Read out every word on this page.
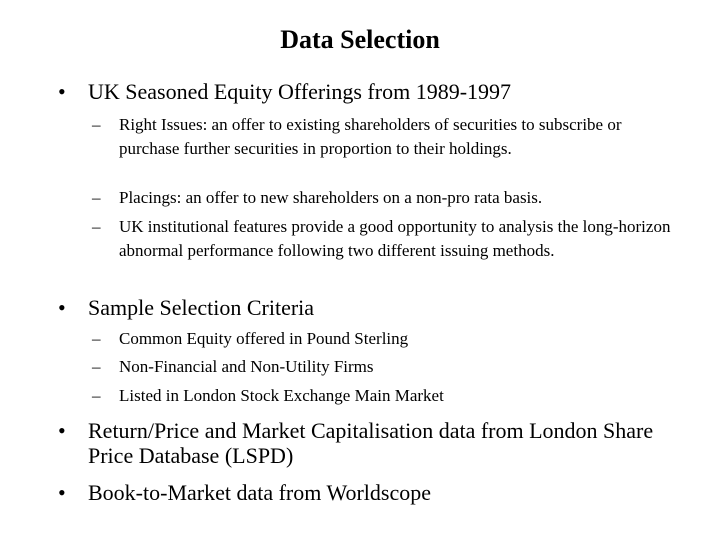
Data Selection
• UK Seasoned Equity Offerings from 1989-1997
– Right Issues: an offer to existing shareholders of securities to subscribe or purchase further securities in proportion to their holdings.
– Placings: an offer to new shareholders on a non-pro rata basis.
– UK institutional features provide a good opportunity to analysis the long-horizon abnormal performance following two different issuing methods.
• Sample Selection Criteria
– Common Equity offered in Pound Sterling
– Non-Financial and Non-Utility Firms
– Listed in London Stock Exchange Main Market
• Return/Price and Market Capitalisation data from London Share Price Database (LSPD)
• Book-to-Market data from Worldscope
